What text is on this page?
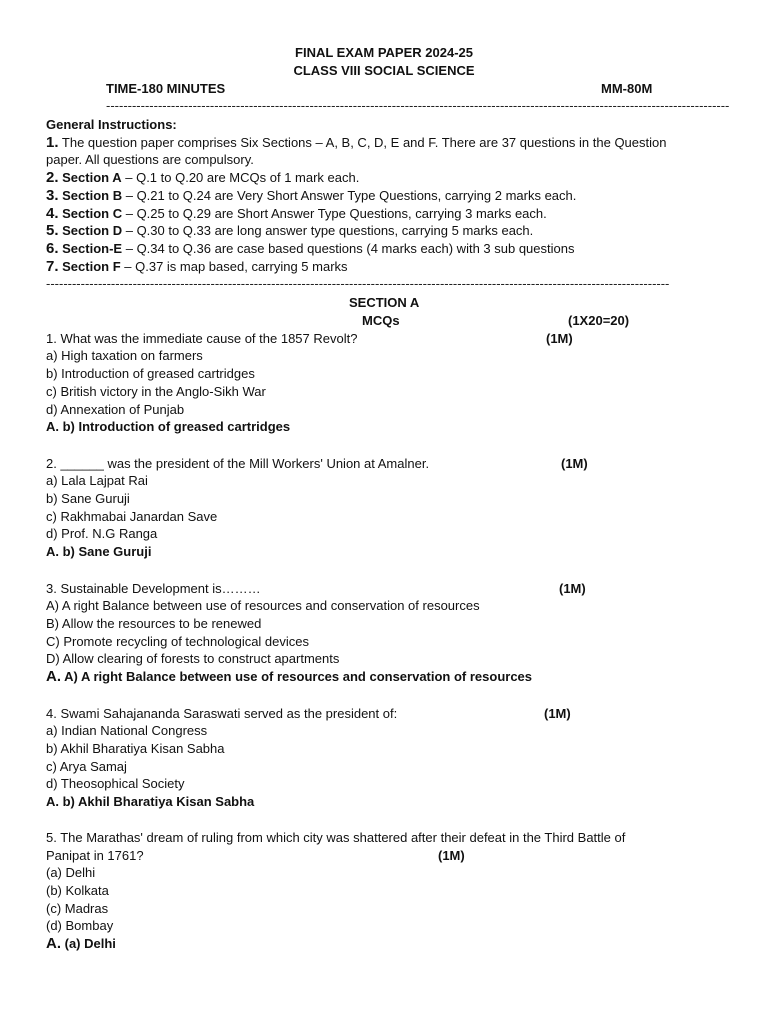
FINAL EXAM PAPER 2024-25
CLASS VIII SOCIAL SCIENCE
TIME-180 MINUTES	MM-80M
------------------------------------------------------------------------------------------------------------------------------------------------
General Instructions:
1. The question paper comprises Six Sections – A, B, C, D, E and F. There are 37 questions in the Question
paper. All questions are compulsory.
2. Section A – Q.1 to Q.20 are MCQs of 1 mark each.
3. Section B – Q.21 to Q.24 are Very Short Answer Type Questions, carrying 2 marks each.
4. Section C – Q.25 to Q.29 are Short Answer Type Questions, carrying 3 marks each.
5. Section D – Q.30 to Q.33 are long answer type questions, carrying 5 marks each.
6. Section-E – Q.34 to Q.36 are case based questions (4 marks each) with 3 sub questions
7. Section F – Q.37 is map based, carrying 5 marks
------------------------------------------------------------------------------------------------------------------------------------------------
SECTION A
MCQs	(1X20=20)
1. What was the immediate cause of the 1857 Revolt?	(1M)
a) High taxation on farmers
b) Introduction of greased cartridges
c) British victory in the Anglo-Sikh War
d) Annexation of Punjab
A. b) Introduction of greased cartridges
2. ______ was the president of the Mill Workers' Union at Amalner.	(1M)
a) Lala Lajpat Rai
b) Sane Guruji
c) Rakhmabai Janardan Save
d) Prof. N.G Ranga
A. b) Sane Guruji
3. Sustainable Development is………	(1M)
A) A right Balance between use of resources and conservation of resources
B) Allow the resources to be renewed
C) Promote recycling of technological devices
D) Allow clearing of forests to construct apartments
A. A) A right Balance between use of resources and conservation of resources
4. Swami Sahajananda Saraswati served as the president of:	(1M)
a) Indian National Congress
b) Akhil Bharatiya Kisan Sabha
c) Arya Samaj
d) Theosophical Society
A. b) Akhil Bharatiya Kisan Sabha
5. The Marathas' dream of ruling from which city was shattered after their defeat in the Third Battle of
Panipat in 1761?	(1M)
(a) Delhi
(b) Kolkata
(c) Madras
(d) Bombay
A. (a) Delhi
